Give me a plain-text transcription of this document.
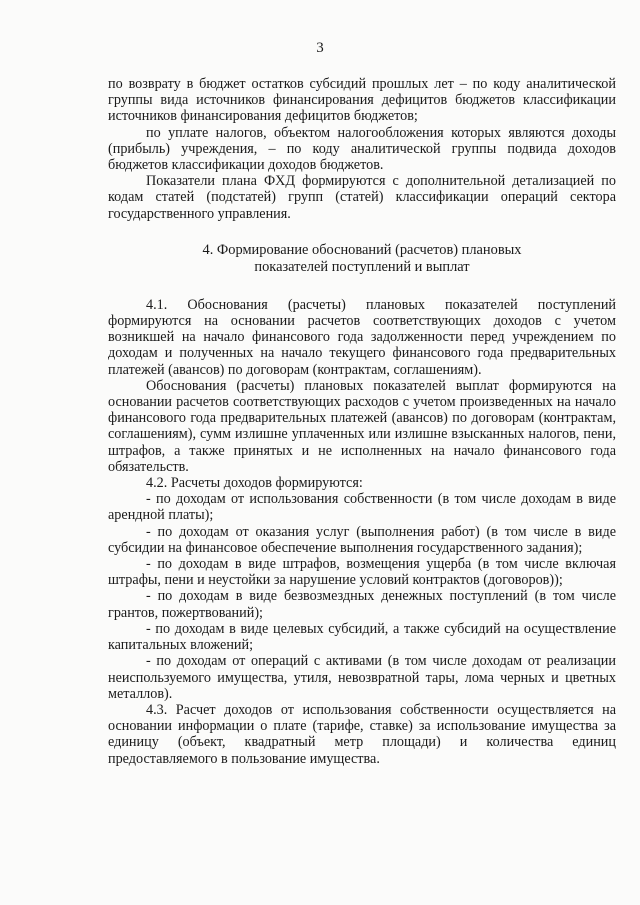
3

по возврату в бюджет остатков субсидий прошлых лет – по коду аналитической группы вида источников финансирования дефицитов бюджетов классификации источников финансирования дефицитов бюджетов;

по уплате налогов, объектом налогообложения которых являются доходы (прибыль) учреждения, – по коду аналитической группы подвида доходов бюджетов классификации доходов бюджетов.

Показатели плана ФХД формируются с дополнительной детализацией по кодам статей (подстатей) групп (статей) классификации операций сектора государственного управления.

4. Формирование обоснований (расчетов) плановых
показателей поступлений и выплат

4.1. Обоснования (расчеты) плановых показателей поступлений формируются на основании расчетов соответствующих доходов с учетом возникшей на начало финансового года задолженности перед учреждением по доходам и полученных на начало текущего финансового года предварительных платежей (авансов) по договорам (контрактам, соглашениям).

Обоснования (расчеты) плановых показателей выплат формируются на основании расчетов соответствующих расходов с учетом произведенных на начало финансового года предварительных платежей (авансов) по договорам (контрактам, соглашениям), сумм излишне уплаченных или излишне взысканных налогов, пени, штрафов, а также принятых и не исполненных на начало финансового года обязательств.

4.2. Расчеты доходов формируются:

- по доходам от использования собственности (в том числе доходам в виде арендной платы);

- по доходам от оказания услуг (выполнения работ) (в том числе в виде субсидии на финансовое обеспечение выполнения государственного задания);

- по доходам в виде штрафов, возмещения ущерба (в том числе включая штрафы, пени и неустойки за нарушение условий контрактов (договоров));

- по доходам в виде безвозмездных денежных поступлений (в том числе грантов, пожертвований);

- по доходам в виде целевых субсидий, а также субсидий на осуществление капитальных вложений;

- по доходам от операций с активами (в том числе доходам от реализации неиспользуемого имущества, утиля, невозвратной тары, лома черных и цветных металлов).

4.3. Расчет доходов от использования собственности осуществляется на основании информации о плате (тарифе, ставке) за использование имущества за единицу (объект, квадратный метр площади) и количества единиц предоставляемого в пользование имущества.
